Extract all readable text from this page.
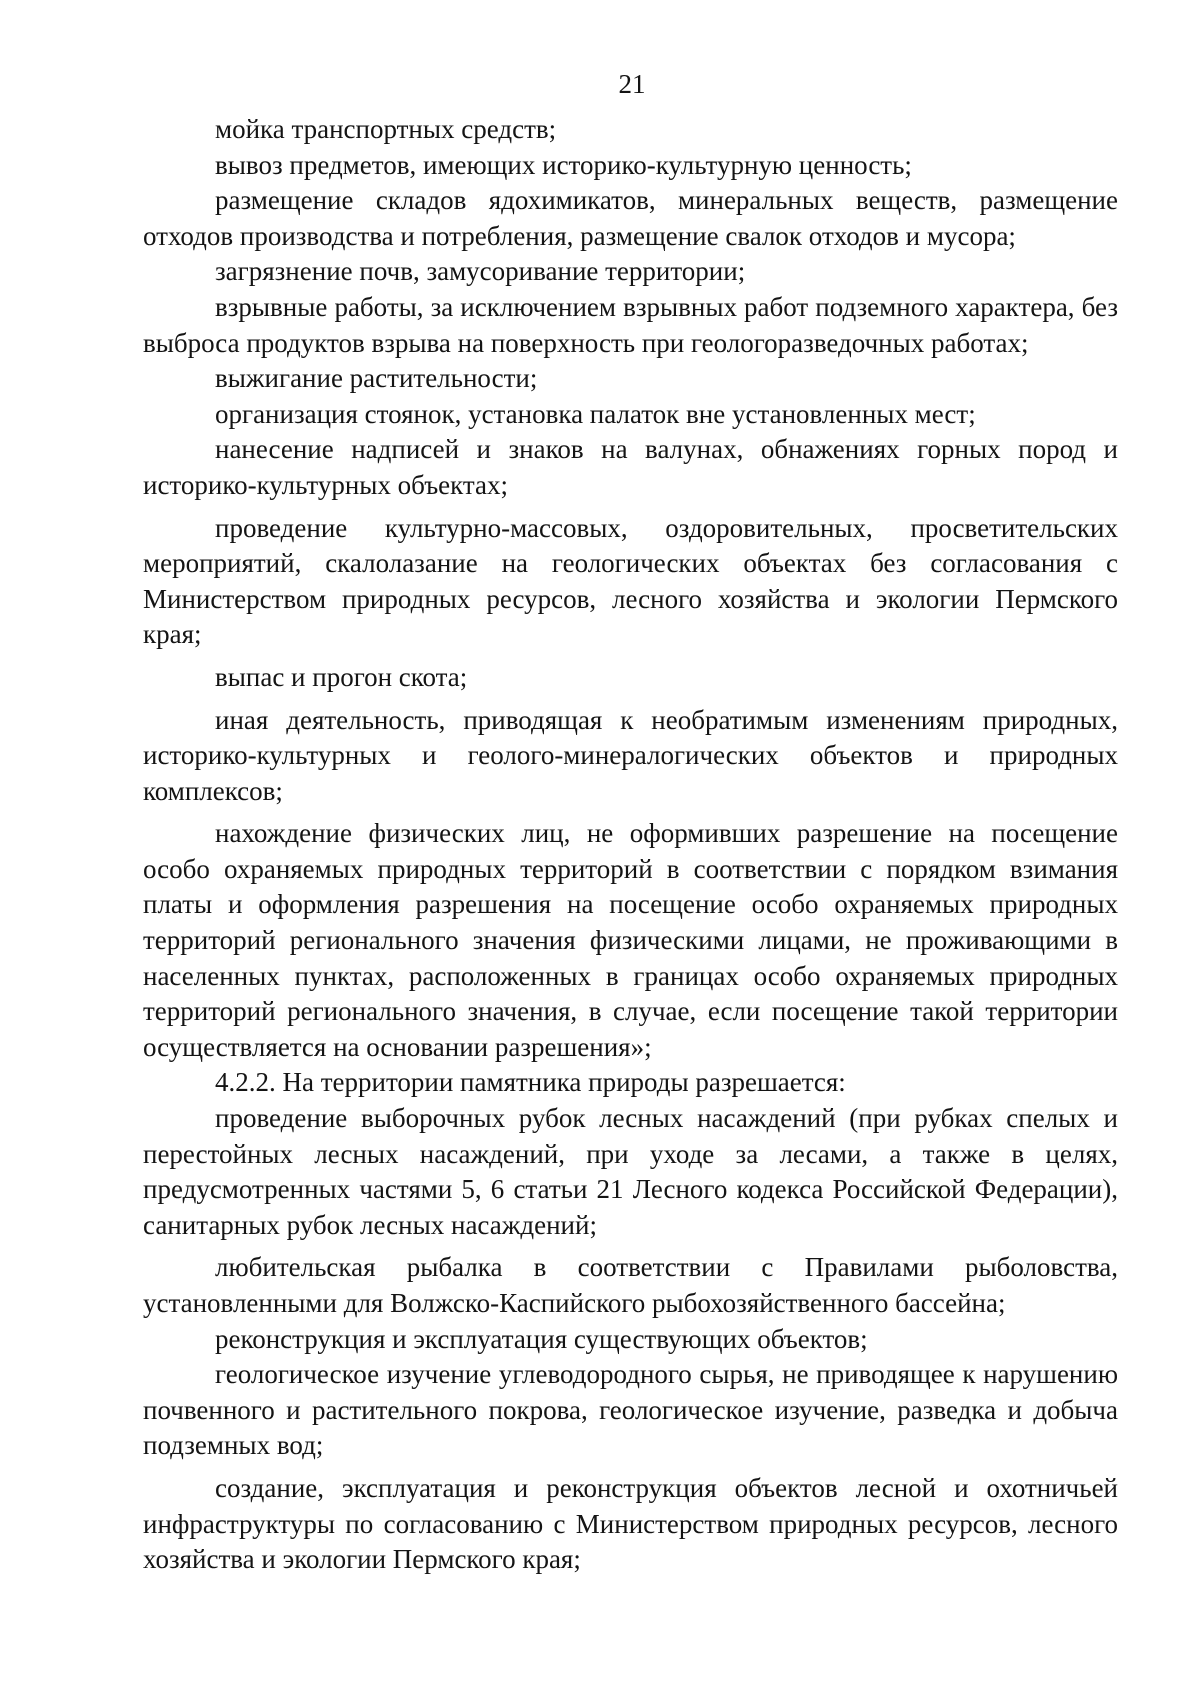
21

мойка транспортных средств;

вывоз предметов, имеющих историко-культурную ценность;

размещение складов ядохимикатов, минеральных веществ, размещение отходов производства и потребления, размещение свалок отходов и мусора;

загрязнение почв, замусоривание территории;

взрывные работы, за исключением взрывных работ подземного характера, без выброса продуктов взрыва на поверхность при геологоразведочных работах;

выжигание растительности;

организация стоянок, установка палаток вне установленных мест;

нанесение надписей и знаков на валунах, обнажениях горных пород и историко-культурных объектах;

проведение культурно-массовых, оздоровительных, просветительских мероприятий, скалолазание на геологических объектах без согласования с Министерством природных ресурсов, лесного хозяйства и экологии Пермского края;

выпас и прогон скота;

иная деятельность, приводящая к необратимым изменениям природных, историко-культурных и геолого-минералогических объектов и природных комплексов;

нахождение физических лиц, не оформивших разрешение на посещение особо охраняемых природных территорий в соответствии с порядком взимания платы и оформления разрешения на посещение особо охраняемых природных территорий регионального значения физическими лицами, не проживающими в населенных пунктах, расположенных в границах особо охраняемых природных территорий регионального значения, в случае, если посещение такой территории осуществляется на основании разрешения»;

4.2.2. На территории памятника природы разрешается:

проведение выборочных рубок лесных насаждений (при рубках спелых и перестойных лесных насаждений, при уходе за лесами, а также в целях, предусмотренных частями 5, 6 статьи 21 Лесного кодекса Российской Федерации), санитарных рубок лесных насаждений;

любительская рыбалка в соответствии с Правилами рыболовства, установленными для Волжско-Каспийского рыбохозяйственного бассейна;

реконструкция и эксплуатация существующих объектов;

геологическое изучение углеводородного сырья, не приводящее к нарушению почвенного и растительного покрова, геологическое изучение, разведка и добыча подземных вод;

создание, эксплуатация и реконструкция объектов лесной и охотничьей инфраструктуры по согласованию с Министерством природных ресурсов, лесного хозяйства и экологии Пермского края;
